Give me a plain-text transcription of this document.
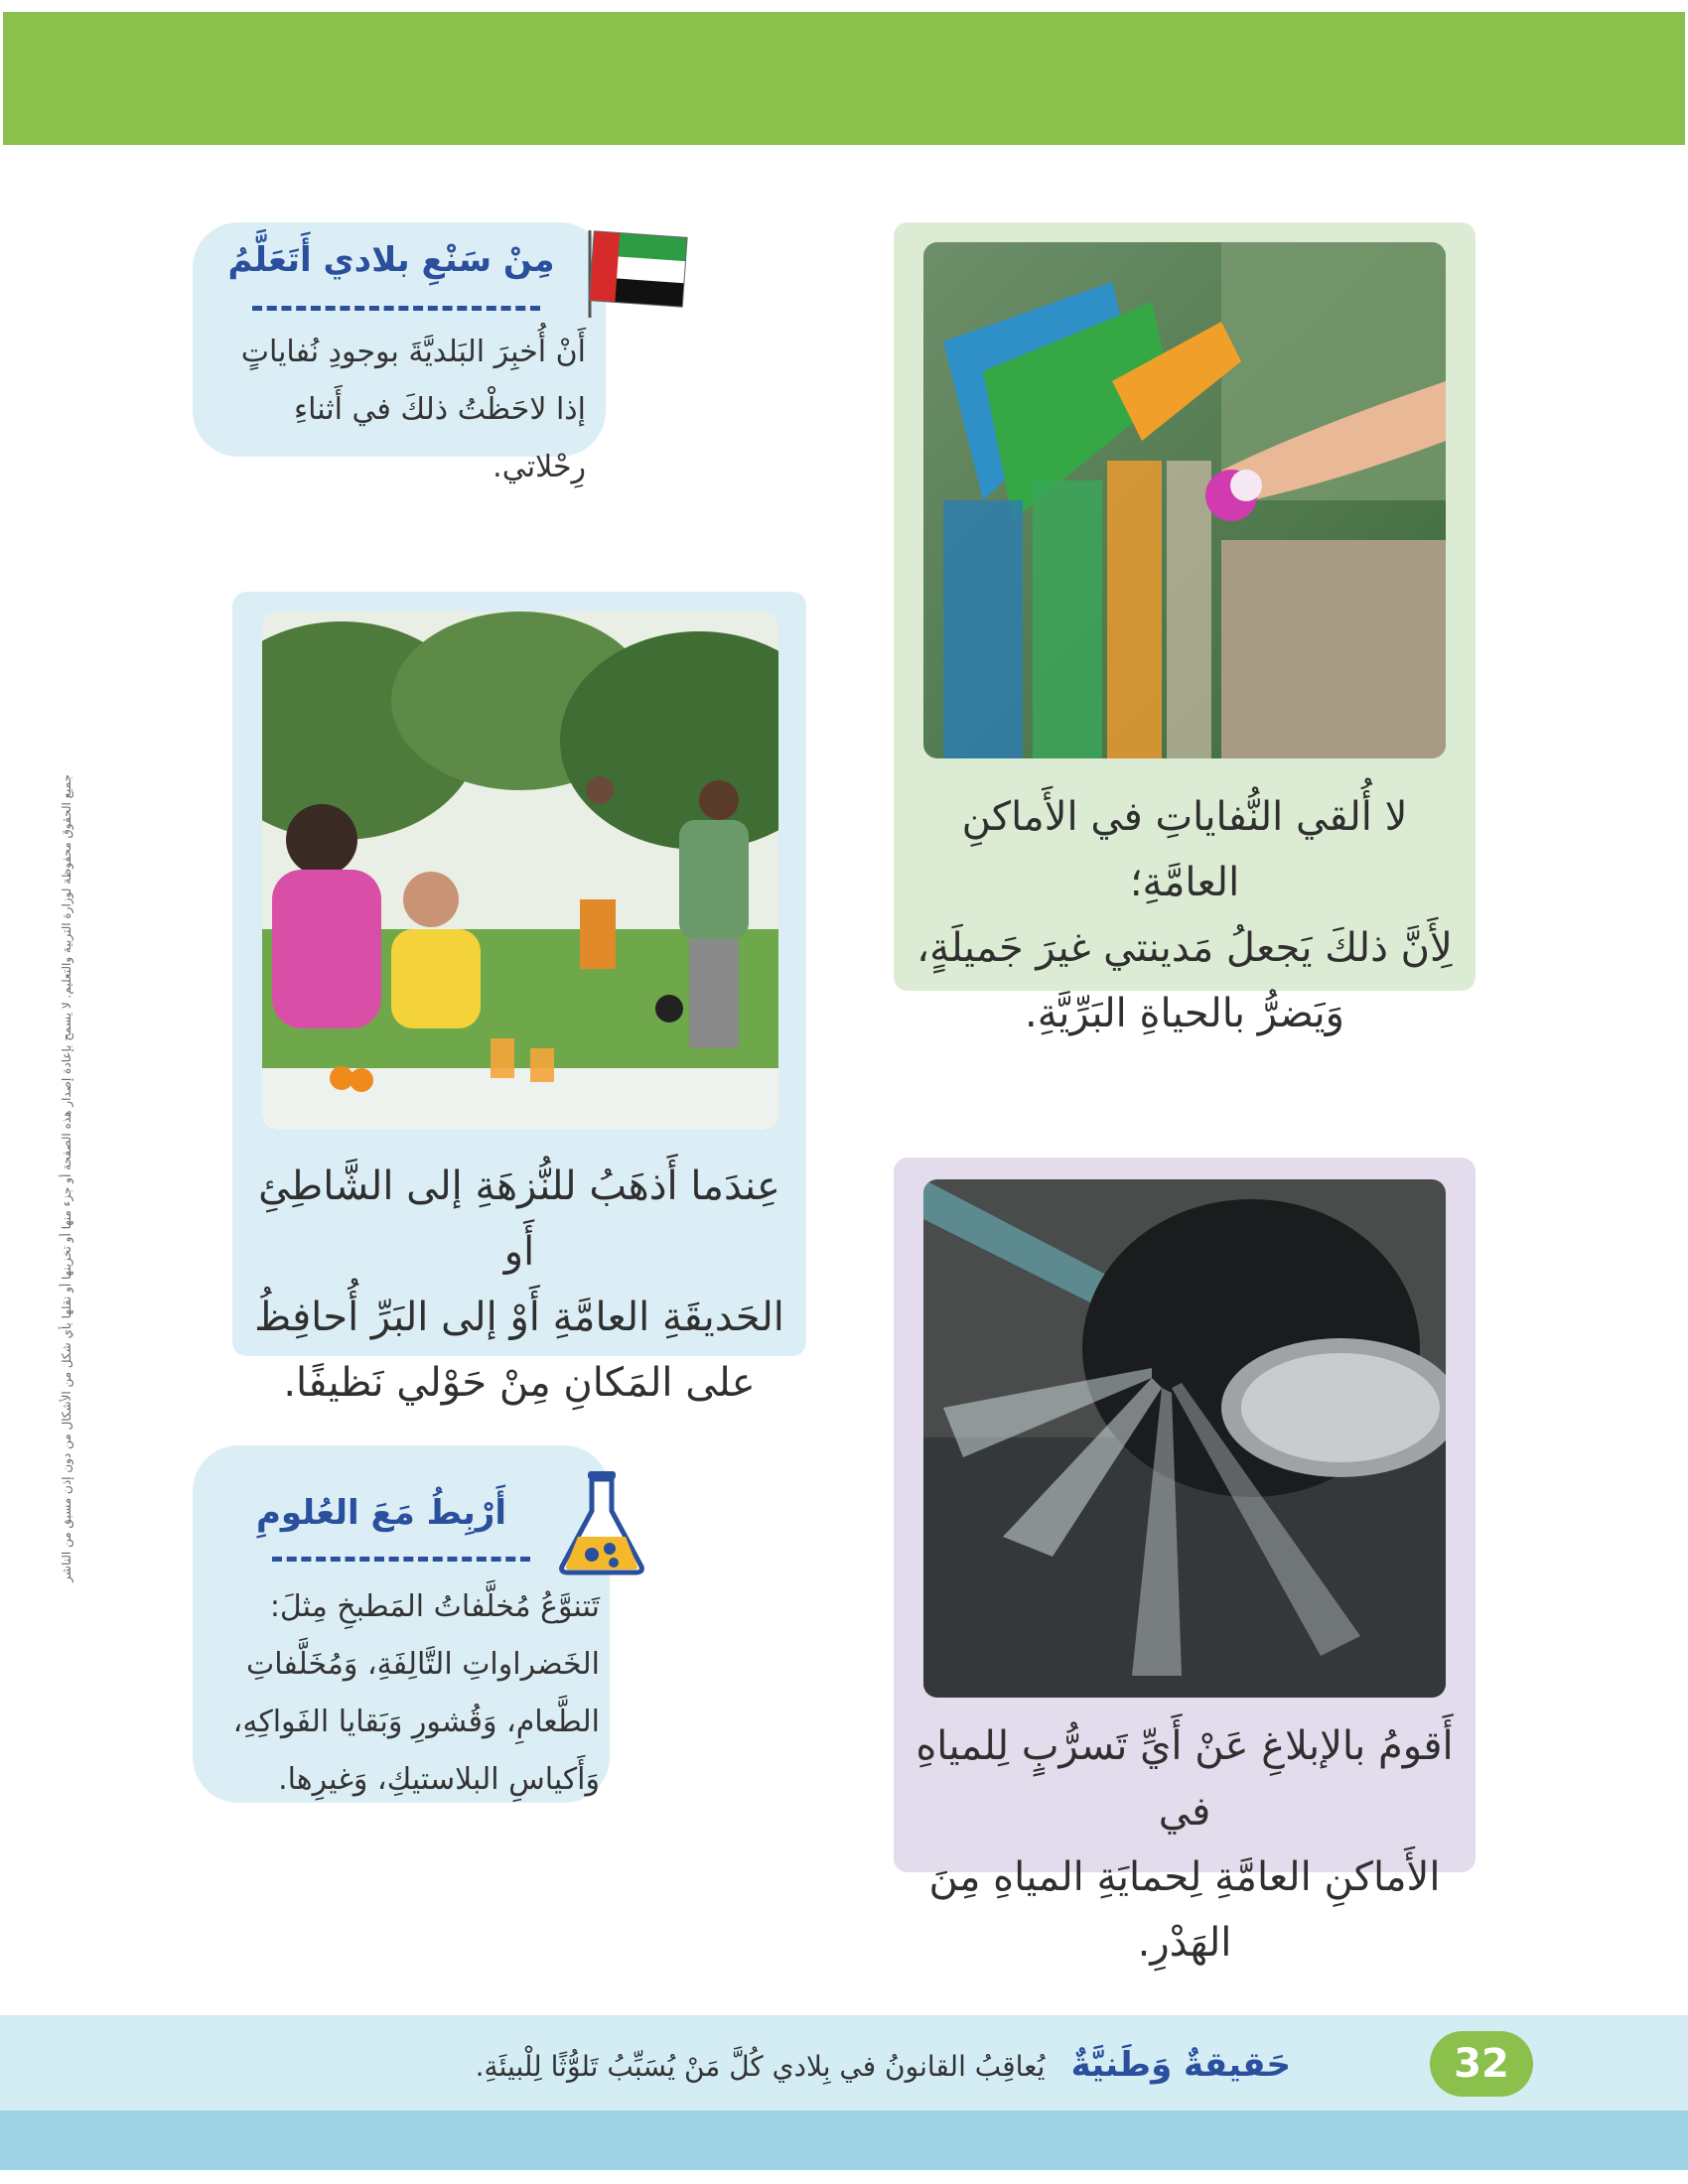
جميع الحقوق محفوظة لوزارة التربية والتعليم. لا يسمح بإعادة إصدار هذه الصفحة أو جزء منها أو تخزينها أو نقلها بأي شكل من الأشكال من دون إذن مسبق من الناشر	لا أُلقي النُّفاياتِ في الأَماكنِ العامَّةِ؛
لِأَنَّ ذلكَ يَجعلُ مَدينتي غيرَ جَميلَةٍ،
وَيَضرُّ بالحياةِ البَرِّيَّةِ.
أَقومُ بالإبلاغِ عَنْ أَيِّ تَسرُّبٍ لِلمياهِ في
الأَماكنِ العامَّةِ لِحمايَةِ المياهِ مِنَ الهَدْرِ.
عِندَما أَذهَبُ للنُّزهَةِ إلى الشَّاطِئِ أَو
الحَديقَةِ العامَّةِ أَوْ إلى البَرِّ أُحافِظُ
على المَكانِ مِنْ حَوْلي نَظيفًا.
مِنْ سَنْعِ بلادي أَتَعَلَّمُ
أَنْ أُخبِرَ البَلديَّةَ بوجودِ نُفاياتٍ
إذا لاحَظْتُ ذلكَ في أَثناءِ رِحْلاتي.
أَرْبِطُ مَعَ العُلومِ
تَتنوَّعُ مُخلَّفاتُ المَطبخِ مِثلَ:
الخَضراواتِ التَّالِفَةِ، وَمُخَلَّفاتِ
الطَّعامِ، وَقُشورِ وَبَقايا الفَواكِهِ،
وَأَكياسِ البلاستيكِ، وَغيرِها.
32
حَقيقةٌ وَطَنيَّةٌ  يُعاقِبُ القانونُ في بِلادي كُلَّ مَنْ يُسَبِّبُ تَلوُّثًا لِلْبيئَةِ.
